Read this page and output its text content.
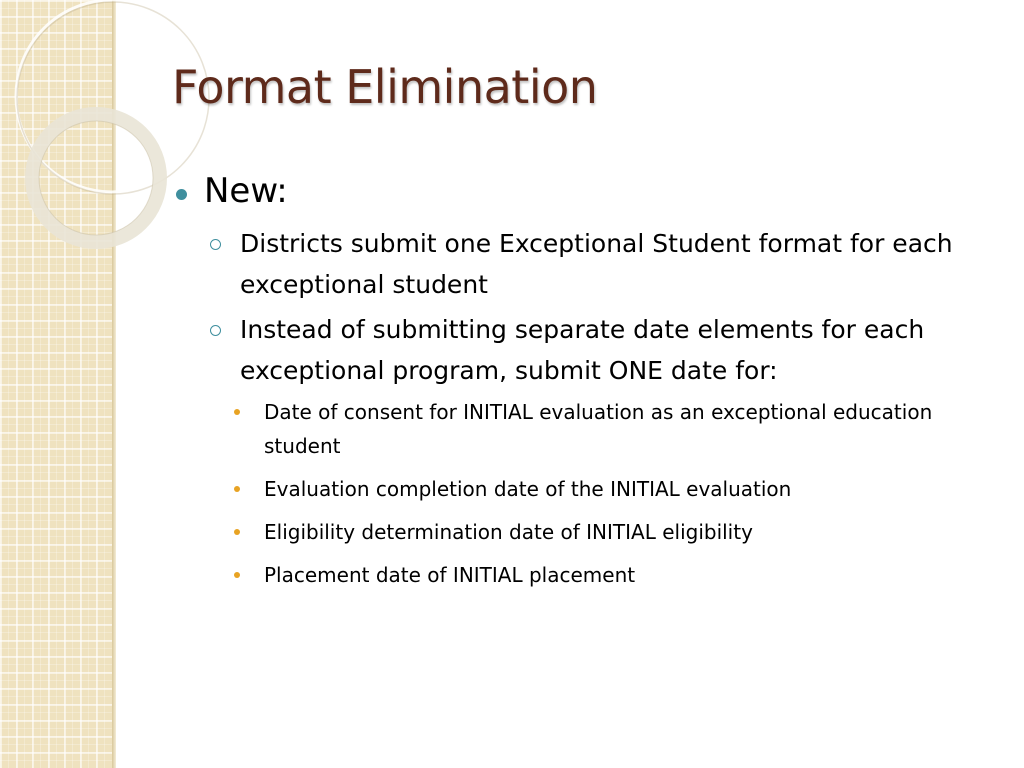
Format Elimination
New:
Districts submit one Exceptional Student format for each exceptional student
Instead of submitting separate date elements for each exceptional program, submit ONE date for:
Date of consent for INITIAL evaluation as an exceptional education student
Evaluation completion date of the INITIAL evaluation
Eligibility determination date of INITIAL eligibility
Placement date of INITIAL placement
